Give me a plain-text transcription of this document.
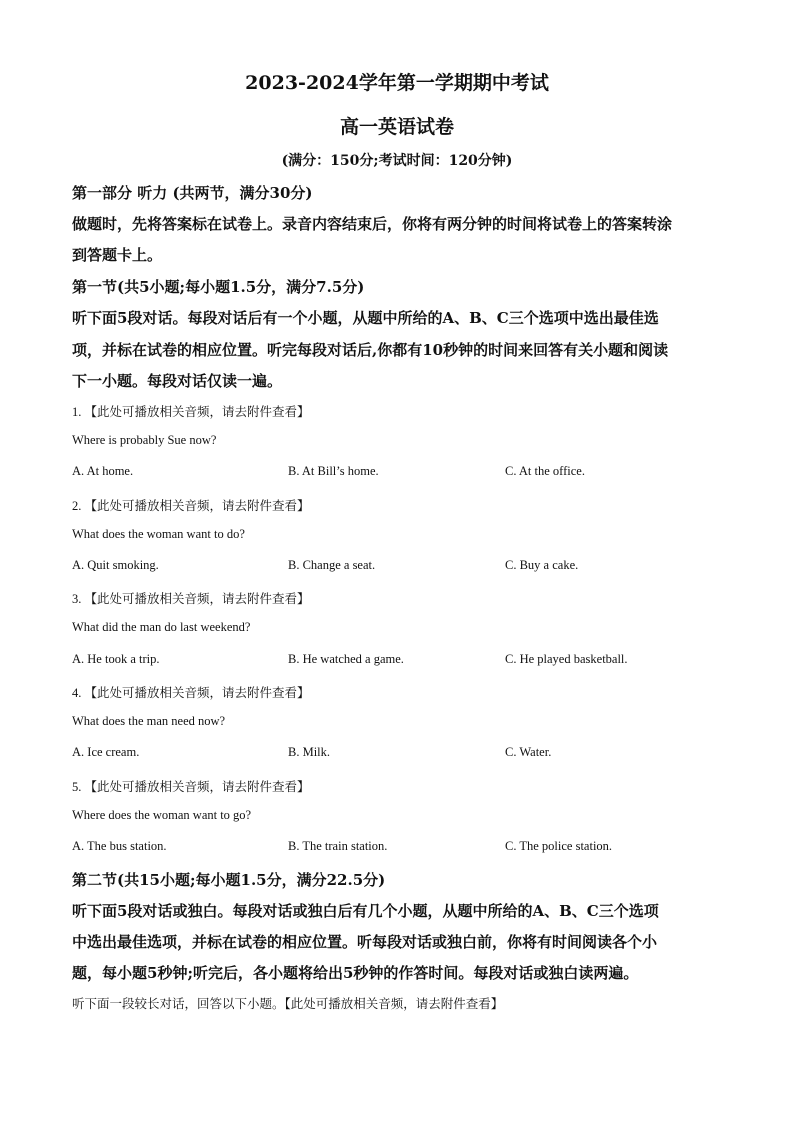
2023-2024学年第一学期期中考试
高一英语试卷
(满分：150分;考试时间：120分钟)
第一部分 听力 (共两节，满分30分)
做题时，先将答案标在试卷上。录音内容结束后，你将有两分钟的时间将试卷上的答案转涂
到答题卡上。
第一节(共5小题;每小题1.5分，满分7.5分)
听下面5段对话。每段对话后有一个小题，从题中所给的A、B、C三个选项中选出最佳选
项，并标在试卷的相应位置。听完每段对话后,你都有10秒钟的时间来回答有关小题和阅读
下一小题。每段对话仅读一遍。
1. 【此处可播放相关音频，请去附件查看】
Where is probably Sue now?
A. At home.	B. At Bill’s home.	C. At the office.
2. 【此处可播放相关音频，请去附件查看】
What does the woman want to do?
A. Quit smoking.	B. Change a seat.	C. Buy a cake.
3. 【此处可播放相关音频，请去附件查看】
What did the man do last weekend?
A. He took a trip.	B. He watched a game.	C. He played basketball.
4. 【此处可播放相关音频，请去附件查看】
What does the man need now?
A. Ice cream.	B. Milk.	C. Water.
5. 【此处可播放相关音频，请去附件查看】
Where does the woman want to go?
A. The bus station.	B. The train station.	C. The police station.
第二节(共15小题;每小题1.5分，满分22.5分)
听下面5段对话或独白。每段对话或独白后有几个小题，从题中所给的A、B、C三个选项
中选出最佳选项，并标在试卷的相应位置。听每段对话或独白前，你将有时间阅读各个小
题，每小题5秒钟;听完后，各小题将给出5秒钟的作答时间。每段对话或独白读两遍。
听下面一段较长对话，回答以下小题。【此处可播放相关音频，请去附件查看】
